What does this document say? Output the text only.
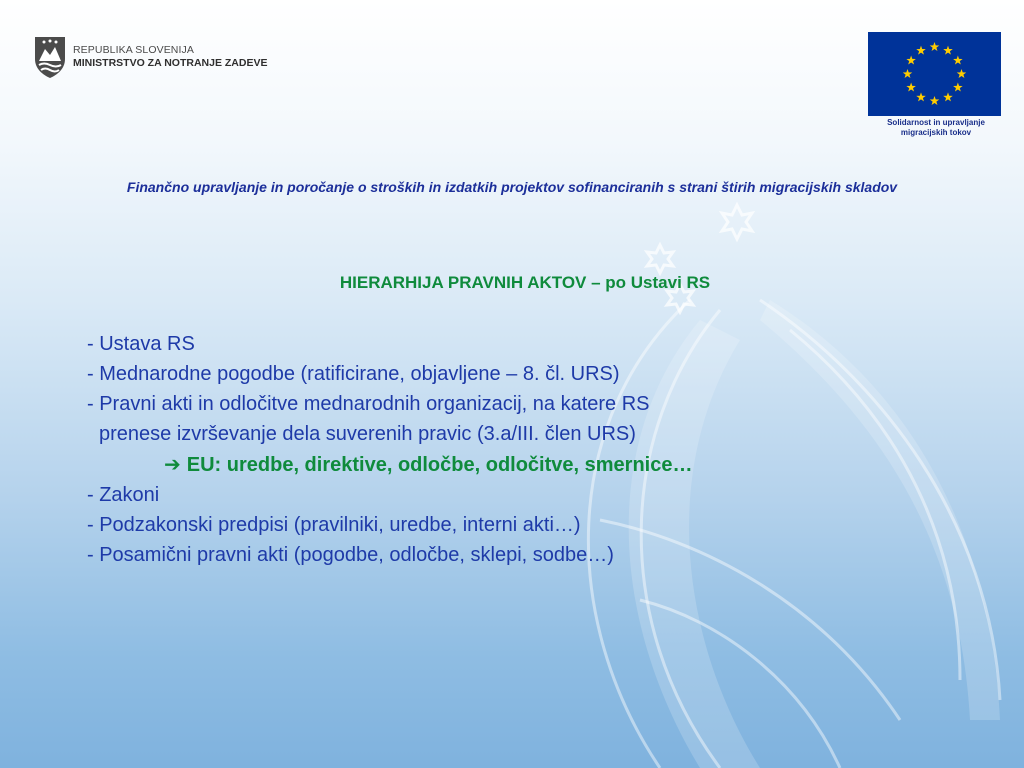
REPUBLIKA SLOVENIJA
MINISTRSTVO ZA NOTRANJE ZADEVE
Solidarnost in upravljanje
migracijskih tokov
Finančno upravljanje in poročanje o stroških in izdatkih projektov sofinanciranih s strani štirih migracijskih skladov
HIERARHIJA PRAVNIH AKTOV – po Ustavi RS
- Ustava RS
- Mednarodne pogodbe (ratificirane, objavljene – 8. čl. URS)
- Pravni akti in odločitve mednarodnih organizacij, na katere RS
prenese izvrševanje dela suverenih pravic (3.a/III. člen URS)
➔ EU: uredbe, direktive, odločbe, odločitve, smernice…
- Zakoni
- Podzakonski predpisi (pravilniki, uredbe, interni akti…)
- Posamični pravni akti (pogodbe, odločbe, sklepi, sodbe…)
